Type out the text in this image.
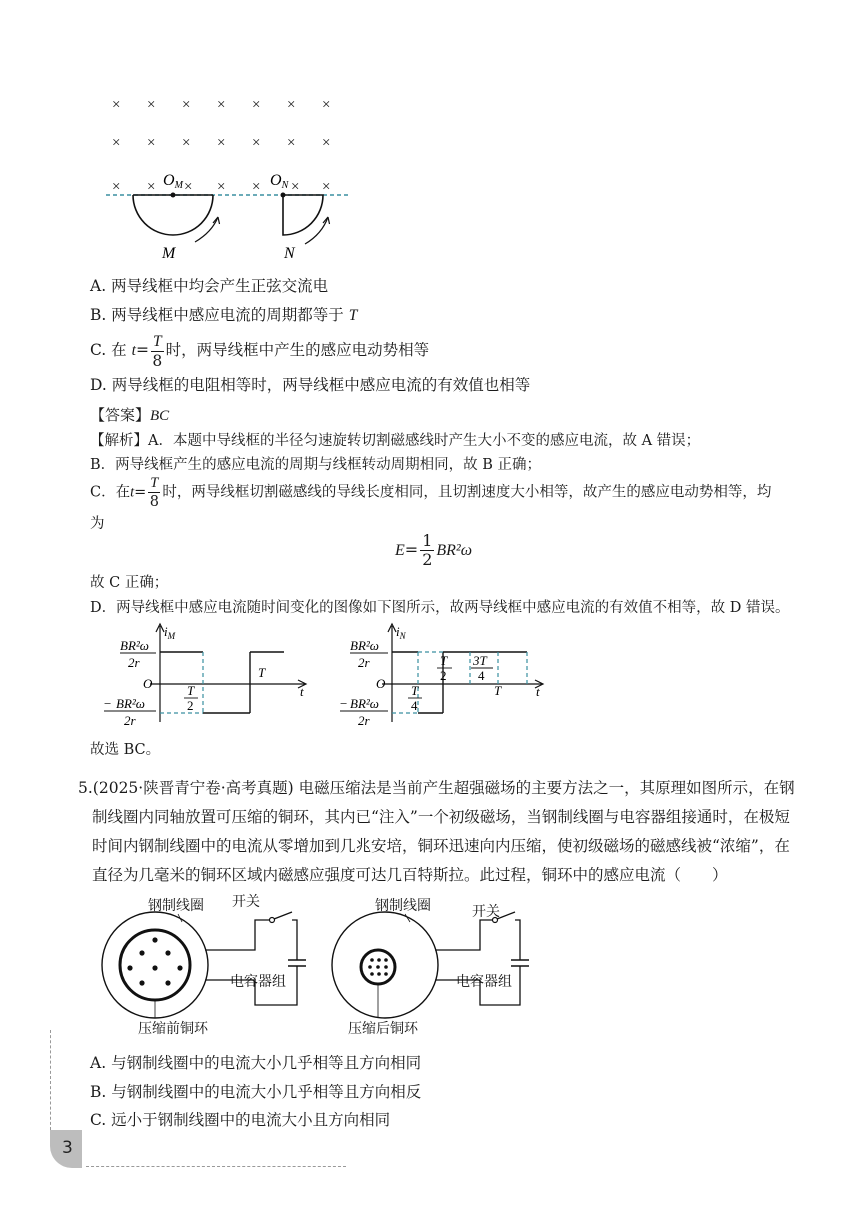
× × × × × × ×
× × × × × × ×
× ×	× ×	×
×	×
OM	ON
M	N
A. 两导线框中均会产生正弦交流电
B. 两导线框中感应电流的周期都等于 T
C. 在 $t= \frac{T}{8}$ 时，两导线框中产生的感应电动势相等
D. 两导线框的电阻相等时，两导线框中感应电流的有效值也相等
【答案】BC
【解析】A．本题中导线框的半径匀速旋转切割磁感线时产生大小不变的感应电流，故 A 错误；
B．两导线框产生的感应电流的周期与线框转动周期相同，故 B 正确；
C．在$t= \frac{T}{8}$ 时，两导线框切割磁感线的导线长度相同，且切割速度大小相等，故产生的感应电动势相等，均
为
$E= \frac{1}{2} BR^2\omega$
故 C 正确；
D．两导线框中感应电流随时间变化的图像如下图所示，故两导线框中感应电流的有效值不相等，故 D 错误。
$i_M$
BR²ω
2r
O
t
T
T
2
− BR²ω
2r
$i_N$
BR²ω
2r
O
t
T
T
2
3T
4
T
4
− BR²ω
2r
故选 BC。
5.(2025·陕晋青宁卷·高考真题) 电磁压缩法是当前产生超强磁场的主要方法之一，其原理如图所示，在钢
制线圈内同轴放置可压缩的铜环，其内已“注入”一个初级磁场，当钢制线圈与电容器组接通时，在极短
时间内钢制线圈中的电流从零增加到几兆安培，铜环迅速向内压缩，使初级磁场的磁感线被“浓缩”，在
直径为几毫米的铜环区域内磁感应强度可达几百特斯拉。此过程，铜环中的感应电流（　　）
钢制线圈 开关
电容器组
压缩前铜环
钢制线圈	开关
电容器组
压缩后铜环
A. 与钢制线圈中的电流大小几乎相等且方向相同
B. 与钢制线圈中的电流大小几乎相等且方向相反
C. 远小于钢制线圈中的电流大小且方向相同
3
